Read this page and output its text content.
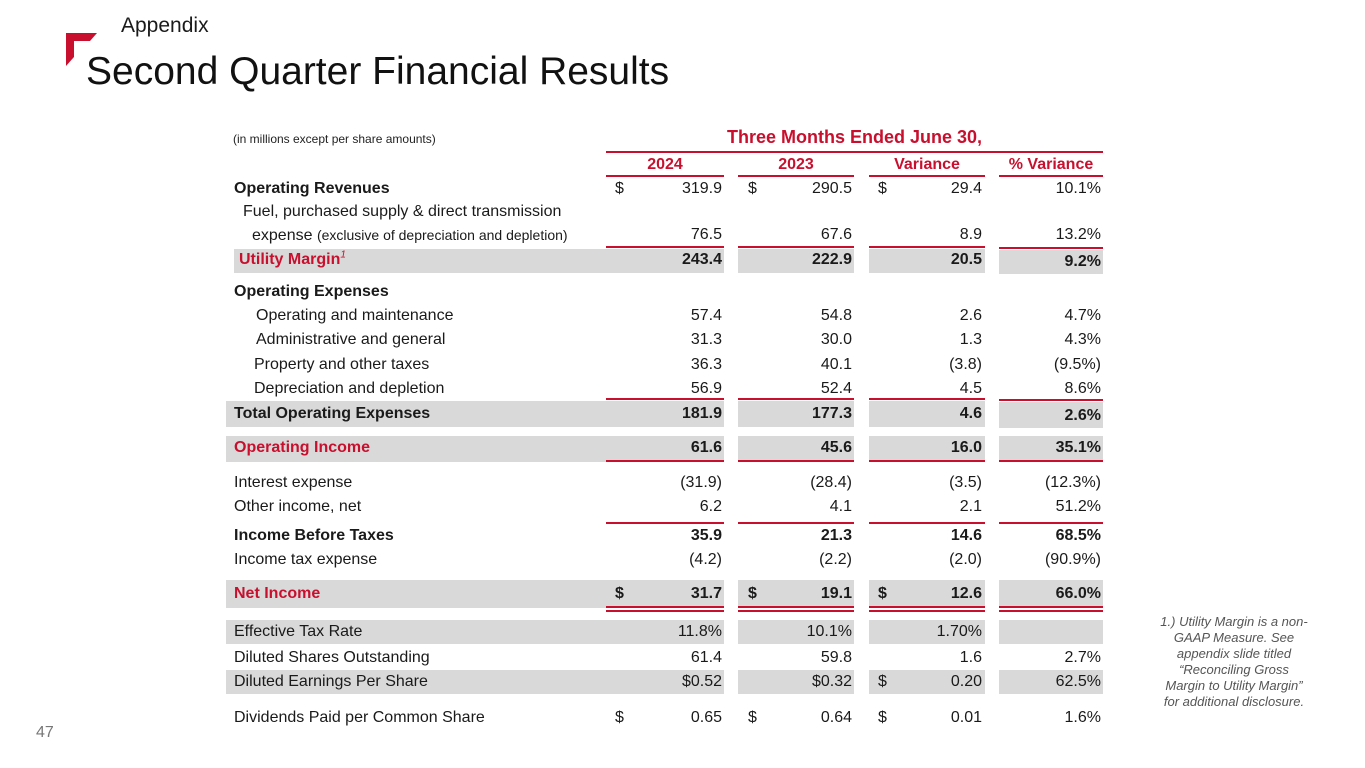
Appendix
Second Quarter Financial Results
(in millions except per share amounts)	Three Months Ended June 30,
2024	2023	Variance	% Variance
Operating Revenues	$	319.9 $	290.5 $	29.4	10.1%
Fuel, purchased supply & direct transmission
expense (exclusive of depreciation and depletion)	76.5	67.6	8.9	13.2%
Utility Margin$^1$	243.4	222.9	20.5	9.2%
Operating Expenses
Operating and maintenance	57.4	54.8	2.6	4.7%
Administrative and general	31.3	30.0	1.3	4.3%
Property and other taxes	36.3	40.1	(3.8)	(9.5%)
Depreciation and depletion	56.9	52.4	4.5	8.6%
Total Operating Expenses	181.9	177.3	4.6	2.6%
Operating Income	61.6	45.6	16.0	35.1%
Interest expense	(31.9)	(28.4)	(3.5)	(12.3%)
Other income, net	6.2	4.1	2.1	51.2%
Income Before Taxes	35.9	21.3	14.6	68.5%
Income tax expense	(4.2)	(2.2)	(2.0)	(90.9%)
Net Income	$	31.7 $	19.1 $	12.6	66.0%
Effective Tax Rate	11.8%	10.1%	1.70%
Diluted Shares Outstanding	61.4	59.8	1.6	2.7%
Diluted Earnings Per Share	$0.52	$0.32 $	0.20	62.5%
Dividends Paid per Common Share	$	0.65 $	0.64 $	0.01	1.6%
1.) Utility Margin is a non-GAAP Measure. See appendix slide titled “Reconciling Gross Margin to Utility Margin” for additional disclosure.
47
